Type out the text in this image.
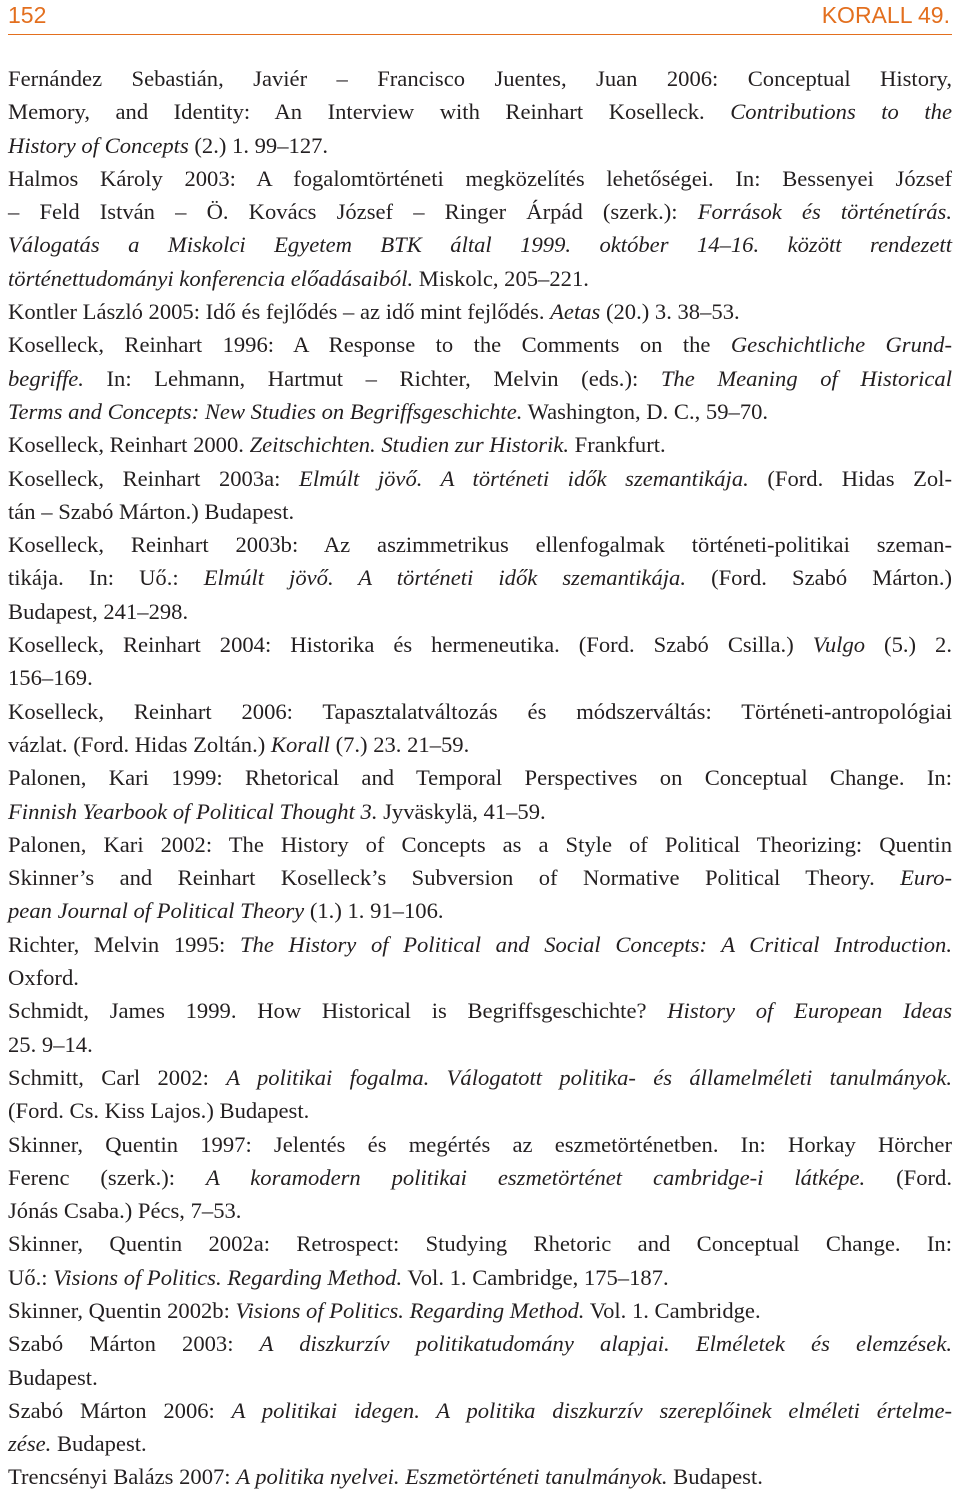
152	KORALL 49.
Fernández Sebastián, Javiér – Francisco Juentes, Juan 2006: Conceptual History,
Memory, and Identity: An Interview with Reinhart Koselleck. Contributions to the
History of Concepts (2.) 1. 99–127.
Halmos Károly 2003: A fogalomtörténeti megközelítés lehetőségei. In: Bessenyei József
– Feld István – Ö. Kovács József – Ringer Árpád (szerk.): Források és történetírás.
Válogatás a Miskolci Egyetem BTK által 1999. október 14–16. között rendezett
történettudományi konferencia előadásaiból. Miskolc, 205–221.
Kontler László 2005: Idő és fejlődés – az idő mint fejlődés. Aetas (20.) 3. 38–53.
Koselleck, Reinhart 1996: A Response to the Comments on the Geschichtliche Grund-
begriffe. In: Lehmann, Hartmut – Richter, Melvin (eds.): The Meaning of Historical
Terms and Concepts: New Studies on Begriffsgeschichte. Washington, D. C., 59–70.
Koselleck, Reinhart 2000. Zeitschichten. Studien zur Historik. Frankfurt.
Koselleck, Reinhart 2003a: Elmúlt jövő. A történeti idők szemantikája. (Ford. Hidas Zol-
tán – Szabó Márton.) Budapest.
Koselleck, Reinhart 2003b: Az aszimmetrikus ellenfogalmak történeti-politikai szeman-
tikája. In: Uő.: Elmúlt jövő. A történeti idők szemantikája. (Ford. Szabó Márton.)
Budapest, 241–298.
Koselleck, Reinhart 2004: Historika és hermeneutika. (Ford. Szabó Csilla.) Vulgo (5.) 2.
156–169.
Koselleck, Reinhart 2006: Tapasztalatváltozás és módszerváltás: Történeti-antropológiai
vázlat. (Ford. Hidas Zoltán.) Korall (7.) 23. 21–59.
Palonen, Kari 1999: Rhetorical and Temporal Perspectives on Conceptual Change. In:
Finnish Yearbook of Political Thought 3. Jyväskylä, 41–59.
Palonen, Kari 2002: The History of Concepts as a Style of Political Theorizing: Quentin
Skinner’s and Reinhart Koselleck’s Subversion of Normative Political Theory. Euro-
pean Journal of Political Theory (1.) 1. 91–106.
Richter, Melvin 1995: The History of Political and Social Concepts: A Critical Introduction.
Oxford.
Schmidt, James 1999. How Historical is Begriffsgeschichte? History of European Ideas
25. 9–14.
Schmitt, Carl 2002: A politikai fogalma. Válogatott politika- és államelméleti tanulmányok.
(Ford. Cs. Kiss Lajos.) Budapest.
Skinner, Quentin 1997: Jelentés és megértés az eszmetörténetben. In: Horkay Hörcher
Ferenc (szerk.): A koramodern politikai eszmetörténet cambridge-i látképe. (Ford.
Jónás Csaba.) Pécs, 7–53.
Skinner, Quentin 2002a: Retrospect: Studying Rhetoric and Conceptual Change. In:
Uő.: Visions of Politics. Regarding Method. Vol. 1. Cambridge, 175–187.
Skinner, Quentin 2002b: Visions of Politics. Regarding Method. Vol. 1. Cambridge.
Szabó Márton 2003: A diszkurzív politikatudomány alapjai. Elméletek és elemzések.
Budapest.
Szabó Márton 2006: A politikai idegen. A politika diszkurzív szereplőinek elméleti értelme-
zése. Budapest.
Trencsényi Balázs 2007: A politika nyelvei. Eszmetörténeti tanulmányok. Budapest.
